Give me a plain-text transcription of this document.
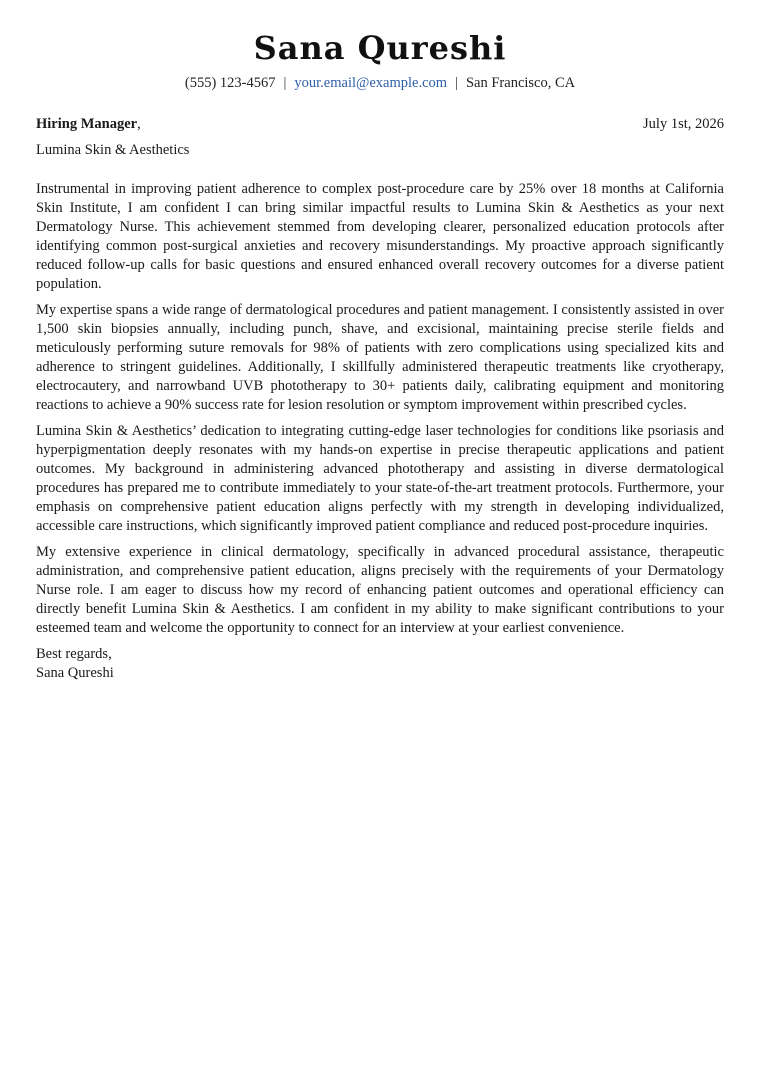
Sana Qureshi
(555) 123-4567 | your.email@example.com | San Francisco, CA
Hiring Manager,	July 1st, 2026
Lumina Skin & Aesthetics

Instrumental in improving patient adherence to complex post-procedure care by 25% over 18 months at California Skin Institute, I am confident I can bring similar impactful results to Lumina Skin & Aesthetics as your next Dermatology Nurse. This achievement stemmed from developing clearer, personalized education protocols after identifying common post-surgical anxieties and recovery misunderstandings. My proactive approach significantly reduced follow-up calls for basic questions and ensured enhanced overall recovery outcomes for a diverse patient population.

My expertise spans a wide range of dermatological procedures and patient management. I consistently assisted in over 1,500 skin biopsies annually, including punch, shave, and excisional, maintaining precise sterile fields and meticulously performing suture removals for 98% of patients with zero complications using specialized kits and adherence to stringent guidelines. Additionally, I skillfully administered therapeutic treatments like cryotherapy, electrocautery, and narrowband UVB phototherapy to 30+ patients daily, calibrating equipment and monitoring reactions to achieve a 90% success rate for lesion resolution or symptom improvement within prescribed cycles.

Lumina Skin & Aesthetics’ dedication to integrating cutting-edge laser technologies for conditions like psoriasis and hyperpigmentation deeply resonates with my hands-on expertise in precise therapeutic applications and patient outcomes. My background in administering advanced phototherapy and assisting in diverse dermatological procedures has prepared me to contribute immediately to your state-of-the-art treatment protocols. Furthermore, your emphasis on comprehensive patient education aligns perfectly with my strength in developing individualized, accessible care instructions, which significantly improved patient compliance and reduced post-procedure inquiries.

My extensive experience in clinical dermatology, specifically in advanced procedural assistance, therapeutic administration, and comprehensive patient education, aligns precisely with the requirements of your Dermatology Nurse role. I am eager to discuss how my record of enhancing patient outcomes and operational efficiency can directly benefit Lumina Skin & Aesthetics. I am confident in my ability to make significant contributions to your esteemed team and welcome the opportunity to connect for an interview at your earliest convenience.

Best regards,
Sana Qureshi
